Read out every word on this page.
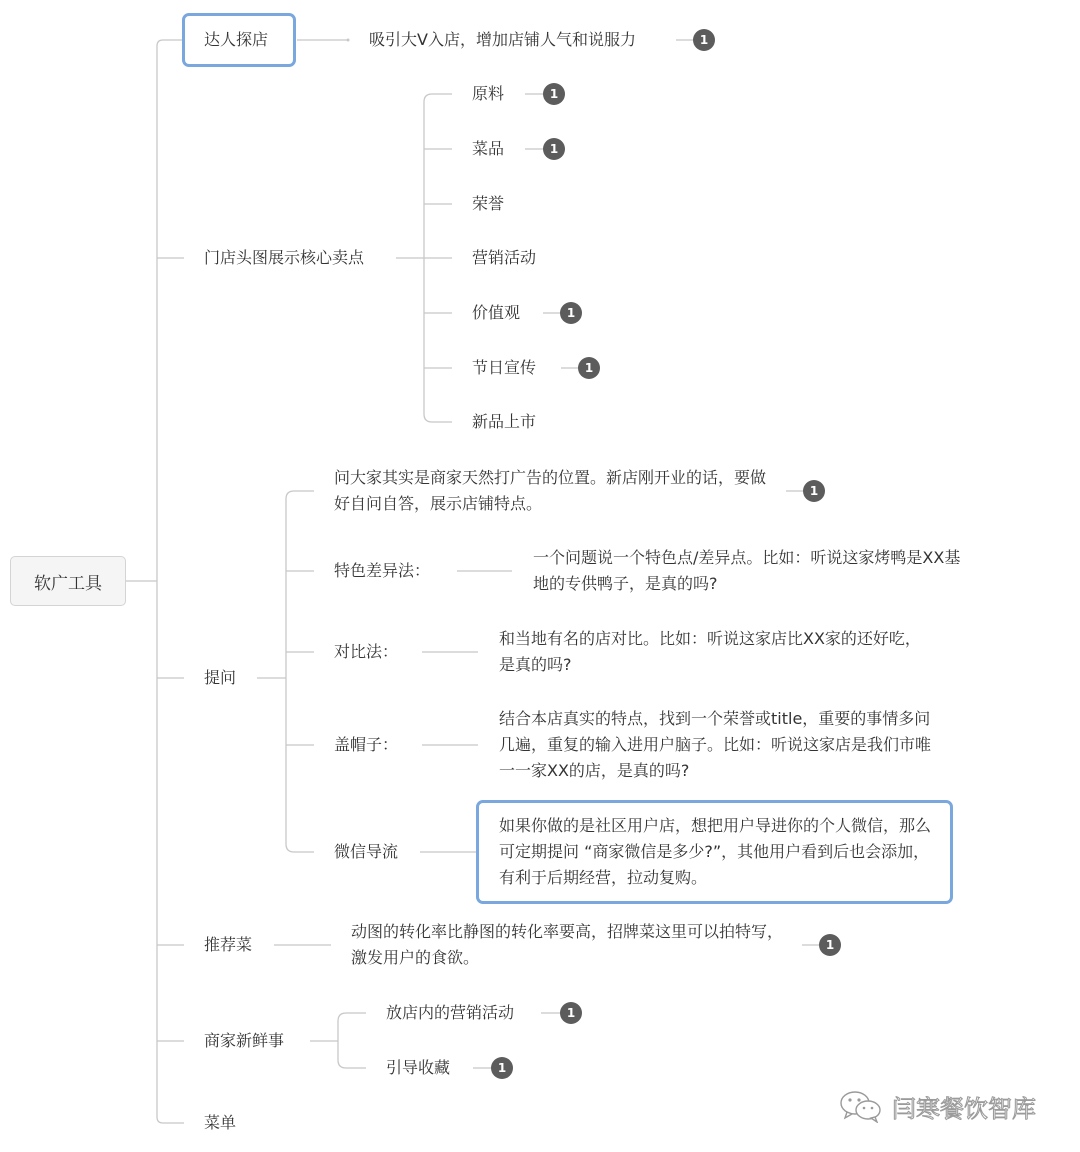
软广工具
达人探店	吸引大V入店，增加店铺人气和说服力	1
门店头图展示核心卖点
原料	1
菜品	1
荣誉
营销活动
价值观	1
节日宣传	1
新品上市
提问
问大家其实是商家天然打广告的位置。新店刚开业的话，要做好自问自答，展示店铺特点。
1
特色差异法：
一个问题说一个特色点/差异点。比如：听说这家烤鸭是XX基地的专供鸭子，是真的吗?
对比法：
和当地有名的店对比。比如：听说这家店比XX家的还好吃，是真的吗?
盖帽子：
结合本店真实的特点，找到一个荣誉或title，重要的事情多问几遍，重复的输入进用户脑子。比如：听说这家店是我们市唯一一家XX的店，是真的吗?
微信导流
如果你做的是社区用户店，想把用户导进你的个人微信，那么可定期提问 “商家微信是多少?”，其他用户看到后也会添加，有利于后期经营，拉动复购。
推荐菜
动图的转化率比静图的转化率要高，招牌菜这里可以拍特写，激发用户的食欲。
1
商家新鲜事
放店内的营销活动	1
引导收藏	1
菜单	闫寒餐饮智库
